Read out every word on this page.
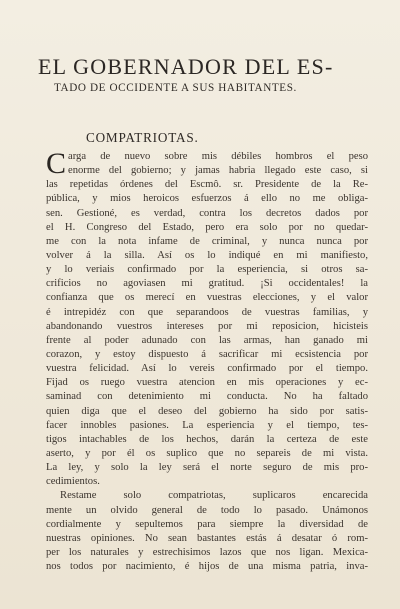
EL GOBERNADOR DEL ES-
TADO DE OCCIDENTE A SUS HABITANTES.
COMPATRIOTAS.
C arga de nuevo sobre mis débiles hombros el peso
enorme del gobierno; y jamas habria llegado este caso, si
las repetidas órdenes del Escmô. sr. Presidente de la Re-
pública, y mios heroicos esfuerzos á ello no me obliga-
sen. Gestioné, es verdad, contra los decretos dados por
el H. Congreso del Estado, pero era solo por no quedar-
me con la nota infame de criminal, y nunca nunca por
volver á la silla. Así os lo indiqué en mi manifiesto,
y lo veriais confirmado por la esperiencia, si otros sa-
crificios no agoviasen mi gratitud. ¡Si occidentales! la
confianza que os merecí en vuestras elecciones, y el valor
é intrepidéz con que separandoos de vuestras familias, y
abandonando vuestros intereses por mi reposicion, hicisteis
frente al poder adunado con las armas, han ganado mi
corazon, y estoy dispuesto á sacrificar mi ecsistencia por
vuestra felicidad. Así lo vereis confirmado por el tiempo.
Fijad os ruego vuestra atencion en mis operaciones y ec-
saminad con detenimiento mi conducta. No ha faltado
quien diga que el deseo del gobierno ha sido por satis-
facer innobles pasiones. La esperiencia y el tiempo, tes-
tigos intachables de los hechos, darán la certeza de este
aserto, y por él os suplico que no separeis de mi vista.
La ley, y solo la ley será el norte seguro de mis pro-
cedimientos.
Restame solo compatriotas, suplicaros encarecida
mente un olvido general de todo lo pasado. Unámonos
cordialmente y sepultemos para siempre la diversidad de
nuestras opiniones. No sean bastantes estás á desatar ó rom-
per los naturales y estrechisimos lazos que nos ligan. Mexica-
nos todos por nacimiento, é hijos de una misma patria, inva-
